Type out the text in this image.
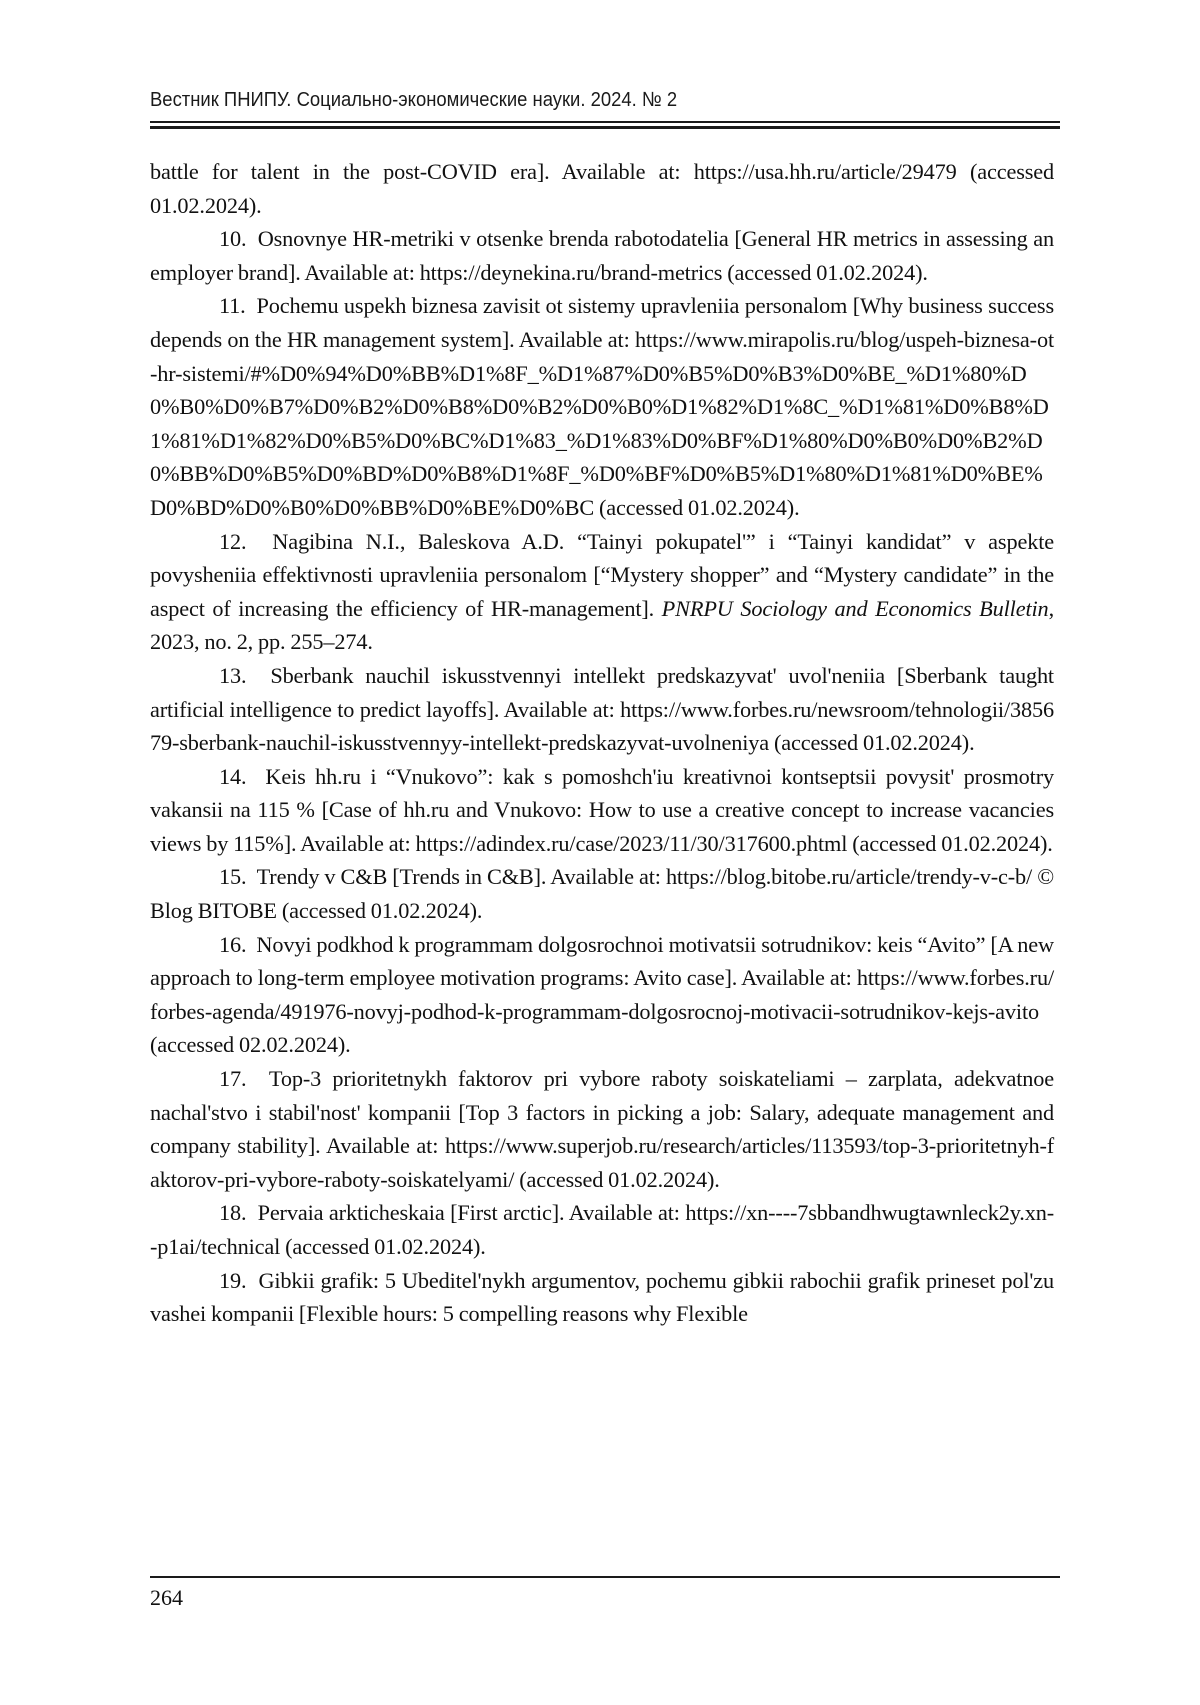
Вестник ПНИПУ. Социально-экономические науки. 2024. № 2

battle for talent in the post-COVID era]. Available at: https://usa.hh.ru/article/29479 (accessed 01.02.2024).

10. Osnovnye HR-metriki v otsenke brenda rabotodatelia [General HR metrics in assessing an employer brand]. Available at: https://deynekina.ru/brand-metrics (accessed 01.02.2024).

11. Pochemu uspekh biznesa zavisit ot sistemy upravleniia personalom [Why business success depends on the HR management system]. Available at: https://www.mirapolis.ru/blog/uspeh-biznesa-ot-hr-sistemi/#%D0%94%D0%BB%D1%8F_%D1%87%D0%B5%D0%B3%D0%BE_%D1%80%D0%B0%D0%B7%D0%B2%D0%B8%D0%B2%D0%B0%D1%82%D1%8C_%D1%81%D0%B8%D1%81%D1%82%D0%B5%D0%BC%D1%83_%D1%83%D0%BF%D1%80%D0%B0%D0%B2%D0%BB%D0%B5%D0%BD%D0%B8%D1%8F_%D0%BF%D0%B5%D1%80%D1%81%D0%BE%D0%BD%D0%B0%D0%BB%D0%BE%D0%BC (accessed 01.02.2024).

12. Nagibina N.I., Baleskova A.D. “Tainyi pokupatel'” i “Tainyi kandidat” v aspekte povysheniia effektivnosti upravleniia personalom [“Mystery shopper” and “Mystery candidate” in the aspect of increasing the efficiency of HR-management]. PNRPU Sociology and Economics Bulletin, 2023, no. 2, pp. 255–274.

13. Sberbank nauchil iskusstvennyi intellekt predskazyvat' uvol'neniia [Sberbank taught artificial intelligence to predict layoffs]. Available at: https://www.forbes.ru/newsroom/tehnologii/385679-sberbank-nauchil-iskusstvennyy-intellekt-predskazyvat-uvolneniya (accessed 01.02.2024).

14. Keis hh.ru i “Vnukovo”: kak s pomoshch'iu kreativnoi kontseptsii povysit' prosmotry vakansii na 115 % [Case of hh.ru and Vnukovo: How to use a creative concept to increase vacancies views by 115%]. Available at: https://adindex.ru/case/2023/11/30/317600.phtml (accessed 01.02.2024).

15. Trendy v C&B [Trends in C&B]. Available at: https://blog.bitobe.ru/article/trendy-v-c-b/ © Blog BITOBE (accessed 01.02.2024).

16. Novyi podkhod k programmam dolgosrochnoi motivatsii sotrudnikov: keis “Avito” [A new approach to long-term employee motivation programs: Avito case]. Available at: https://www.forbes.ru/forbes-agenda/491976-novyj-podhod-k-programmam-dolgosrocnoj-motivacii-sotrudnikov-kejs-avito (accessed 02.02.2024).

17. Top-3 prioritetnykh faktorov pri vybore raboty soiskateliami – zarplata, adekvatnoe nachal'stvo i stabil'nost' kompanii [Top 3 factors in picking a job: Salary, adequate management and company stability]. Available at: https://www.superjob.ru/research/articles/113593/top-3-prioritetnyh-faktorov-pri-vybore-raboty-soiskatelyami/ (accessed 01.02.2024).

18. Pervaia arkticheskaia [First arctic]. Available at: https://xn----7sbbandhwugtawnleck2y.xn--p1ai/technical (accessed 01.02.2024).

19. Gibkii grafik: 5 Ubeditel'nykh argumentov, pochemu gibkii rabochii grafik prineset pol'zu vashei kompanii [Flexible hours: 5 compelling reasons why Flexible

264
